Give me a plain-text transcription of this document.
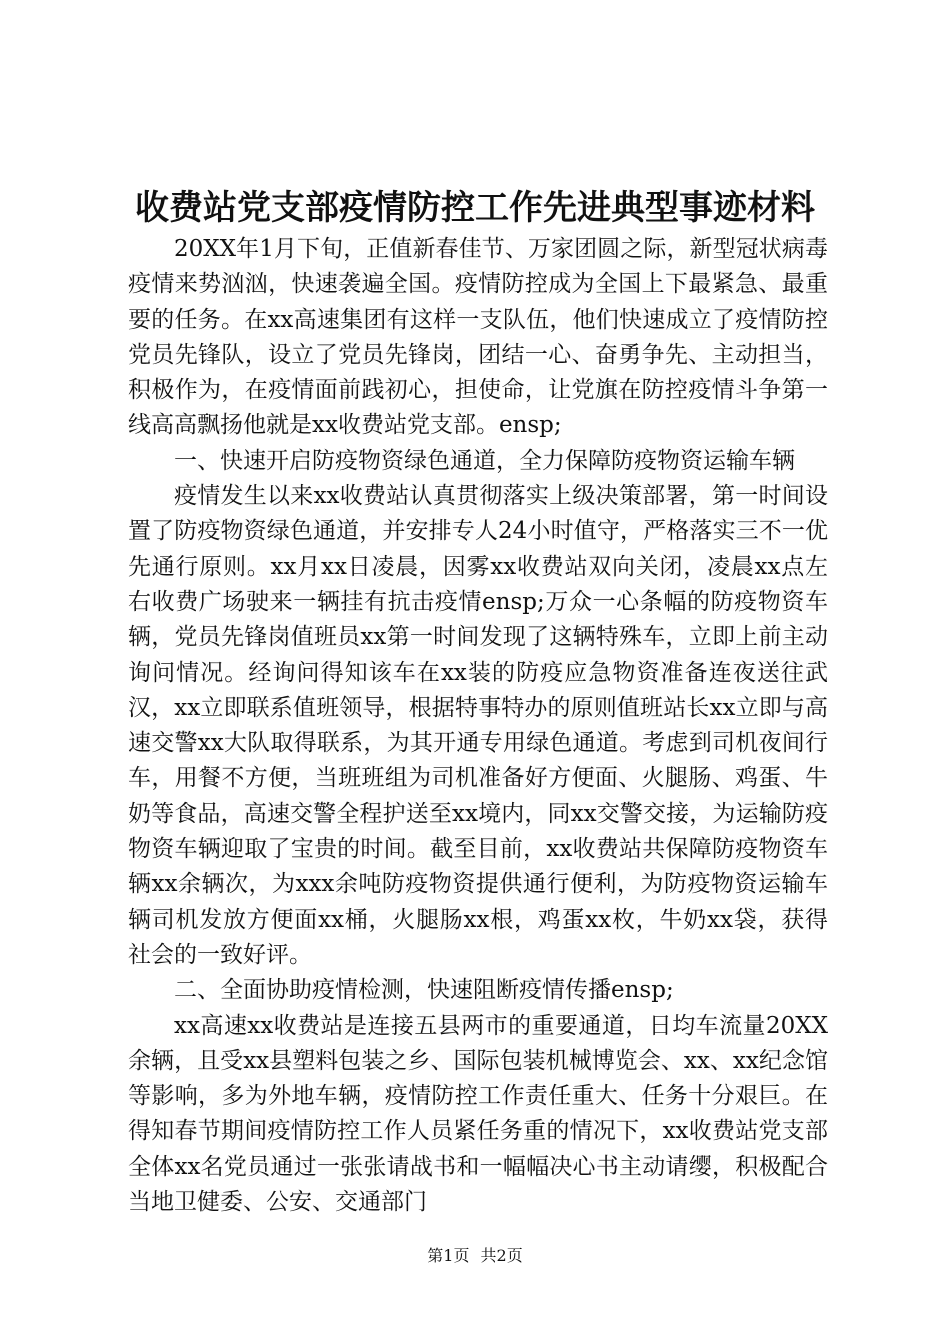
收费站党支部疫情防控工作先进典型事迹材料

20XX年1月下旬，正值新春佳节、万家团圆之际，新型冠状病毒疫情来势汹汹，快速袭遍全国。疫情防控成为全国上下最紧急、最重要的任务。在xx高速集团有这样一支队伍，他们快速成立了疫情防控党员先锋队，设立了党员先锋岗，团结一心、奋勇争先、主动担当，积极作为，在疫情面前践初心，担使命，让党旗在防控疫情斗争第一线高高飘扬他就是xx收费站党支部。ensp;

一、快速开启防疫物资绿色通道，全力保障防疫物资运输车辆

疫情发生以来xx收费站认真贯彻落实上级决策部署，第一时间设置了防疫物资绿色通道，并安排专人24小时值守，严格落实三不一优先通行原则。xx月xx日凌晨，因雾xx收费站双向关闭，凌晨xx点左右收费广场驶来一辆挂有抗击疫情ensp;万众一心条幅的防疫物资车辆，党员先锋岗值班员xx第一时间发现了这辆特殊车，立即上前主动询问情况。经询问得知该车在xx装的防疫应急物资准备连夜送往武汉，xx立即联系值班领导，根据特事特办的原则值班站长xx立即与高速交警xx大队取得联系，为其开通专用绿色通道。考虑到司机夜间行车，用餐不方便，当班班组为司机准备好方便面、火腿肠、鸡蛋、牛奶等食品，高速交警全程护送至xx境内，同xx交警交接，为运输防疫物资车辆迎取了宝贵的时间。截至目前，xx收费站共保障防疫物资车辆xx余辆次，为xxx余吨防疫物资提供通行便利，为防疫物资运输车辆司机发放方便面xx桶，火腿肠xx根，鸡蛋xx枚，牛奶xx袋，获得社会的一致好评。

二、全面协助疫情检测，快速阻断疫情传播ensp;

xx高速xx收费站是连接五县两市的重要通道，日均车流量20XX余辆，且受xx县塑料包装之乡、国际包装机械博览会、xx、xx纪念馆等影响，多为外地车辆，疫情防控工作责任重大、任务十分艰巨。在得知春节期间疫情防控工作人员紧任务重的情况下，xx收费站党支部全体xx名党员通过一张张请战书和一幅幅决心书主动请缨，积极配合当地卫健委、公安、交通部门

第1页 共2页
